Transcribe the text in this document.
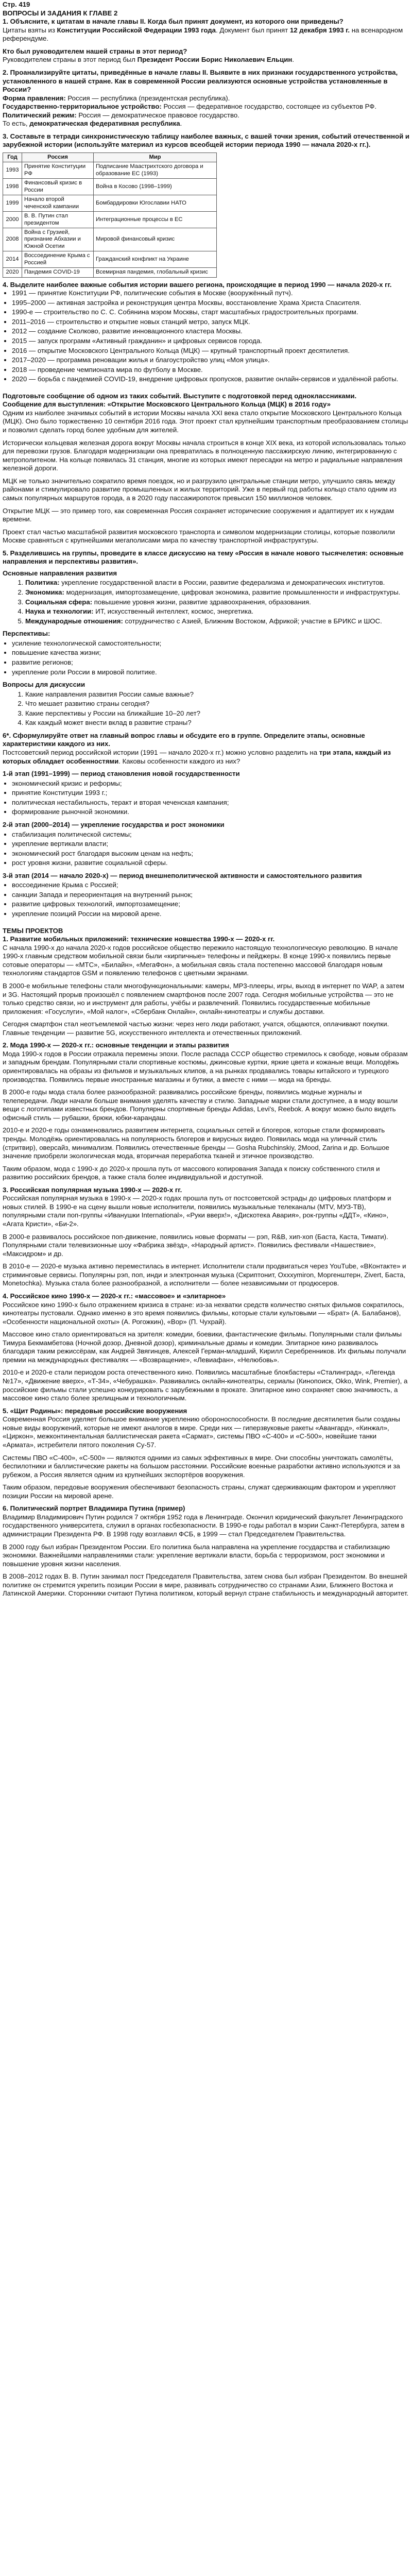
Стр. 419
ВОПРОСЫ И ЗАДАНИЯ К ГЛАВЕ 2

1. Объясните, к цитатам в начале главы II. Когда был принят документ, из которого они приведены?

Цитаты взяты из Конституции Российской Федерации 1993 года. Документ был принят 12 декабря 1993 г. на всенародном референдуме.

Кто был руководителем нашей страны в этот период?

Руководителем страны в этот период был Президент России Борис Николаевич Ельцин.

2. Проанализируйте цитаты, приведённые в начале главы II. Выявите в них признаки государственного устройства, установленного в нашей стране. Как в современной России реализуются основные устройства установленные в России?

Форма правления: Россия — республика (президентская республика).

Государственно-территориальное устройство: Россия — федеративное государство, состоящее из субъектов РФ.

Политический режим: Россия — демократическое правовое государство.

То есть, демократическая федеративная республика.

3. Составьте в тетради синхронистическую таблицу наиболее важных, с вашей точки зрения, событий отечественной и зарубежной истории (используйте материал из курсов всеобщей истории периода 1990 — начала 2020-х гг.).

Год	Россия	Мир
1993	Принятие Конституции РФ	Подписание Маастрихтского договора и образование ЕС (1993)
1998	Финансовый кризис в России	Война в Косово (1998–1999)
1999	Начало второй чеченской кампании	Бомбардировки Югославии НАТО
2000	В. В. Путин стал президентом	Интеграционные процессы в ЕС
2008	Война с Грузией, признание Абхазии и Южной Осетии	Мировой финансовый кризис
2014	Воссоединение Крыма с Россией	Гражданский конфликт на Украине
2020	Пандемия COVID-19	Всемирная пандемия, глобальный кризис

4. Выделите наиболее важные события истории вашего региона, происходящие в период 1990 — начала 2020-х гг.

• 1991 — принятие Конституции РФ, политические события в Москве (вооружённый путч).
• 1995–2000 — активная застройка и реконструкция центра Москвы, восстановление Храма Христа Спасителя.
• 1990-е — строительство по С. С. Собянина мэром Москвы, старт масштабных градостроительных программ.
• 2011–2016 — строительство и открытие новых станций метро, запуск МЦК.
• 2012 — создание Сколково, развитие инновационного кластера Москвы.
• 2015 — запуск программ «Активный гражданин» и цифровых сервисов города.
• 2016 — открытие Московского Центрального Кольца (МЦК) — крупный транспортный проект десятилетия.
• 2017–2020 — программа реновации жилья и благоустройство улиц «Моя улица».
• 2018 — проведение чемпионата мира по футболу в Москве.
• 2020 — борьба с пандемией COVID-19, внедрение цифровых пропусков, развитие онлайн-сервисов и удалённой работы.

Подготовьте сообщение об одном из таких событий. Выступите с подготовкой перед одноклассниками.

Сообщение для выступления: «Открытие Московского Центрального Кольца (МЦК) в 2016 году»

Одним из наиболее значимых событий в истории Москвы начала XXI века стало открытие Московского Центрального Кольца (МЦК). Оно было торжественно 10 сентября 2016 года. Этот проект стал крупнейшим транспортным преобразованием столицы и позволил сделать город более удобным для жителей.

Исторически кольцевая железная дорога вокруг Москвы начала строиться в конце XIX века, из которой использовалась только для перевозки грузов. Благодаря модернизации она превратилась в полноценную пассажирскую линию, интегрированную с метрополитеном. На кольце появилась 31 станция, многие из которых имеют пересадки на метро и радиальные направления железной дороги.

МЦК не только значительно сократило время поездок, но и разгрузило центральные станции метро, улучшило связь между районами и стимулировало развитие промышленных и жилых территорий. Уже в первый год работы кольцо стало одним из самых популярных маршрутов города, а в 2020 году пассажиропоток превысил 150 миллионов человек.

Открытие МЦК — это пример того, как современная Россия сохраняет исторические сооружения и адаптирует их к нуждам времени.

Проект стал частью масштабной развития московского транспорта и символом модернизации столицы, которые позволили Москве сравняться с крупнейшими мегаполисами мира по качеству транспортной инфраструктуры.

5. Разделившись на группы, проведите в классе дискуссию на тему «Россия в начале нового тысячелетия: основные направления и перспективы развития».

Основные направления развития

1. Политика: укрепление государственной власти в России, развитие федерализма и демократических институтов.
2. Экономика: модернизация, импортозамещение, цифровая экономика, развитие промышленности и инфраструктуры.
3. Социальная сфера: повышение уровня жизни, развитие здравоохранения, образования.
4. Наука и технологии: ИТ, искусственный интеллект, космос, энергетика.
5. Международные отношения: сотрудничество с Азией, Ближним Востоком, Африкой; участие в БРИКС и ШОС.

Перспективы:

• усиление технологической самостоятельности;
• повышение качества жизни;
• развитие регионов;
• укрепление роли России в мировой политике.

Вопросы для дискуссии

1. Какие направления развития России самые важные?
2. Что мешает развитию страны сегодня?
3. Какие перспективы у России на ближайшие 10–20 лет?
4. Как каждый может внести вклад в развитие страны?

6*. Сформулируйте ответ на главный вопрос главы и обсудите его в группе. Определите этапы, основные характеристики каждого из них.

Постсоветский период российской истории (1991 — начало 2020-х гг.) можно условно разделить на три этапа, каждый из которых обладает особенностями. Каковы особенности каждого из них?

1-й этап (1991–1999) — период становления новой государственности

• экономический кризис и реформы;
• принятие Конституции 1993 г.;
• политическая нестабильность, теракт и вторая чеченская кампания;
• формирование рыночной экономики.

2-й этап (2000–2014) — укрепление государства и рост экономики

• стабилизация политической системы;
• укрепление вертикали власти;
• экономический рост благодаря высоким ценам на нефть;
• рост уровня жизни, развитие социальной сферы.

3-й этап (2014 — начало 2020-х) — период внешнеполитической активности и самостоятельного развития

• воссоединение Крыма с Россией;
• санкции Запада и переориентация на внутренний рынок;
• развитие цифровых технологий, импортозамещение;
• укрепление позиций России на мировой арене.

ТЕМЫ ПРОЕКТОВ

1. Развитие мобильных приложений: технические новшества 1990-х — 2020-х гг.

С начала 1990-х до начала 2020-х годов российское общество пережило настоящую технологическую революцию. В начале 1990-х главным средством мобильной связи были «кирпичные» телефоны и пейджеры. В конце 1990-х появились первые сотовые операторы — «МТС», «Билайн», «МегаФон», а мобильная связь стала постепенно массовой благодаря новым технологиям стандартов GSM и появлению телефонов с цветными экранами.

В 2000-е мобильные телефоны стали многофункциональными: камеры, MP3-плееры, игры, выход в интернет по WAP, а затем и 3G. Настоящий прорыв произошёл с появлением смартфонов после 2007 года. Сегодня мобильные устройства — это не только средство связи, но и инструмент для работы, учёбы и развлечений. Появились государственные мобильные приложения: «Госуслуги», «Мой налог», «Сбербанк Онлайн», онлайн-кинотеатры и службы доставки.

Сегодня смартфон стал неотъемлемой частью жизни: через него люди работают, учатся, общаются, оплачивают покупки. Главные тенденции — развитие 5G, искусственного интеллекта и отечественных приложений.

2. Мода 1990-х — 2020-х гг.: основные тенденции и этапы развития

Мода 1990-х годов в России отражала перемены эпохи. После распада СССР общество стремилось к свободе, новым образам и западным брендам. Популярными стали спортивные костюмы, джинсовые куртки, яркие цвета и кожаные вещи. Молодёжь ориентировалась на образы из фильмов и музыкальных клипов, а на рынках продавались товары китайского и турецкого производства. Появились первые иностранные магазины и бутики, а вместе с ними — мода на бренды.

В 2000-е годы мода стала более разнообразной: развивались российские бренды, появились модные журналы и телепередачи. Люди начали больше внимания уделять качеству и стилю. Западные марки стали доступнее, а в моду вошли вещи с логотипами известных брендов. Популярны спортивные бренды Adidas, Levi's, Reebok. А вокруг можно было видеть офисный стиль — рубашки, брюки, юбки-карандаш.

2010-е и 2020-е годы ознаменовались развитием интернета, социальных сетей и блогеров, которые стали формировать тренды. Молодёжь ориентировалась на популярность блогеров и вирусных видео. Появилась мода на уличный стиль (стритвир), оверсайз, минимализм. Появились отечественные бренды — Gosha Rubchinskiy, 2Mood, Zarina и др. Большое значение приобрели экологическая мода, вторичная переработка тканей и этичное производство.

Таким образом, мода с 1990-х до 2020-х прошла путь от массового копирования Запада к поиску собственного стиля и развитию российских брендов, а также стала более индивидуальной и доступной.

3. Российская популярная музыка 1990-х — 2020-х гг.

Российская популярная музыка в 1990-х — 2020-х годах прошла путь от постсоветской эстрады до цифровых платформ и новых стилей. В 1990-е на сцену вышли новые исполнители, появились музыкальные телеканалы (MTV, МУЗ-ТВ), популярными стали поп-группы «Иванушки International», «Руки вверх!», «Дискотека Авария», рок-группы «ДДТ», «Кино», «Агата Кристи», «Би-2».

В 2000-е развивалось российское поп-движение, появились новые форматы — рэп, R&B, хип-хоп (Баста, Каста, Тимати). Популярными стали телевизионные шоу «Фабрика звёзд», «Народный артист». Появились фестивали «Нашествие», «Максидром» и др.

В 2010-е — 2020-е музыка активно переместилась в интернет. Исполнители стали продвигаться через YouTube, «ВКонтакте» и стриминговые сервисы. Популярны рэп, поп, инди и электронная музыка (Скриптонит, Oxxxymiron, Моргенштерн, Zivert, Баста, Monetochka). Музыка стала более разнообразной, а исполнители — более независимыми от продюсеров.

4. Российское кино 1990-х — 2020-х гг.: «массовое» и «элитарное»

Российское кино 1990-х было отражением кризиса в стране: из-за нехватки средств количество снятых фильмов сократилось, кинотеатры пустовали. Однако именно в это время появились фильмы, которые стали культовыми — «Брат» (А. Балабанов), «Особенности национальной охоты» (А. Рогожкин), «Вор» (П. Чухрай).

Массовое кино стало ориентироваться на зрителя: комедии, боевики, фантастические фильмы. Популярными стали фильмы Тимура Бекмамбетова (Ночной дозор, Дневной дозор), криминальные драмы и комедии. Элитарное кино развивалось благодаря таким режиссёрам, как Андрей Звягинцев, Алексей Герман-младший, Кирилл Серебренников. Их фильмы получали премии на международных фестивалях — «Возвращение», «Левиафан», «Нелюбовь».

2010-е и 2020-е стали периодом роста отечественного кино. Появились масштабные блокбастеры «Сталинград», «Легенда №17», «Движение вверх», «Т-34», «Чебурашка». Развивались онлайн-кинотеатры, сериалы (Кинопоиск, Okko, Wink, Premier), а российские фильмы стали успешно конкурировать с зарубежными в прокате. Элитарное кино сохраняет свою значимость, а массовое кино стало более зрелищным и технологичным.

5. «Щит Родины»: передовые российские вооружения

Современная Россия уделяет большое внимание укреплению обороноспособности. В последние десятилетия были созданы новые виды вооружений, которые не имеют аналогов в мире. Среди них — гиперзвуковые ракеты «Авангард», «Кинжал», «Циркон», межконтинентальная баллистическая ракета «Сармат», системы ПВО «С-400» и «С-500», новейшие танки «Армата», истребители пятого поколения Су-57.

Системы ПВО «С-400», «С-500» — являются одними из самых эффективных в мире. Они способны уничтожать самолёты, беспилотники и баллистические ракеты на большом расстоянии. Российские военные разработки активно используются и за рубежом, а Россия является одним из крупнейших экспортёров вооружения.

Таким образом, передовые вооружения обеспечивают безопасность страны, служат сдерживающим фактором и укрепляют позиции России на мировой арене.

6. Политический портрет Владимира Путина (пример)

Владимир Владимирович Путин родился 7 октября 1952 года в Ленинграде. Окончил юридический факультет Ленинградского государственного университета, служил в органах госбезопасности. В 1990-е годы работал в мэрии Санкт-Петербурга, затем в администрации Президента РФ. В 1998 году возглавил ФСБ, в 1999 — стал Председателем Правительства.

В 2000 году был избран Президентом России. Его политика была направлена на укрепление государства и стабилизацию экономики. Важнейшими направлениями стали: укрепление вертикали власти, борьба с терроризмом, рост экономики и повышение уровня жизни населения.

В 2008–2012 годах В. В. Путин занимал пост Председателя Правительства, затем снова был избран Президентом. Во внешней политике он стремится укрепить позиции России в мире, развивать сотрудничество со странами Азии, Ближнего Востока и Латинской Америки. Сторонники считают Путина политиком, который вернул стране стабильность и международный авторитет.
